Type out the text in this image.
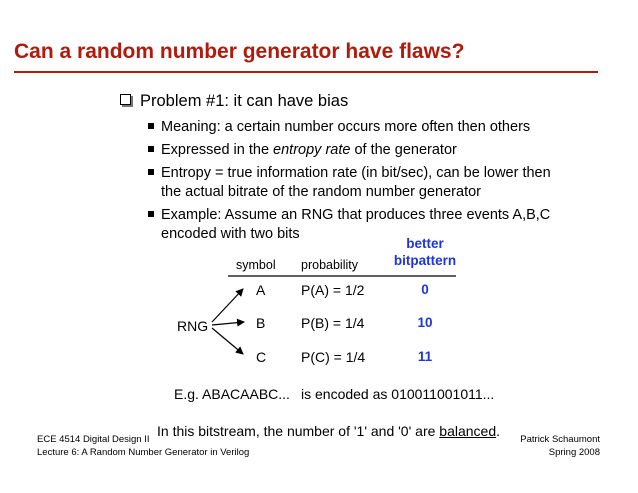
Can a random number generator have flaws?
Problem #1: it can have bias
Meaning: a certain number occurs more often then others
Expressed in the entropy rate of the generator
Entropy = true information rate (in bit/sec), can be lower then
the actual bitrate of the random number generator
Example: Assume an RNG that produces three events A,B,C
encoded with two bits
symbol probability
better
bitpattern
RNG
A	P(A) = 1/2	0
B	P(B) = 1/4	10
C P(C) = 1/4	11
E.g. ABACAABC... is encoded as 010011001011...
In this bitstream, the number of '1' and '0' are balanced.
ECE 4514 Digital Design II
Lecture 6: A Random Number Generator in Verilog
Patrick Schaumont
Spring 2008
